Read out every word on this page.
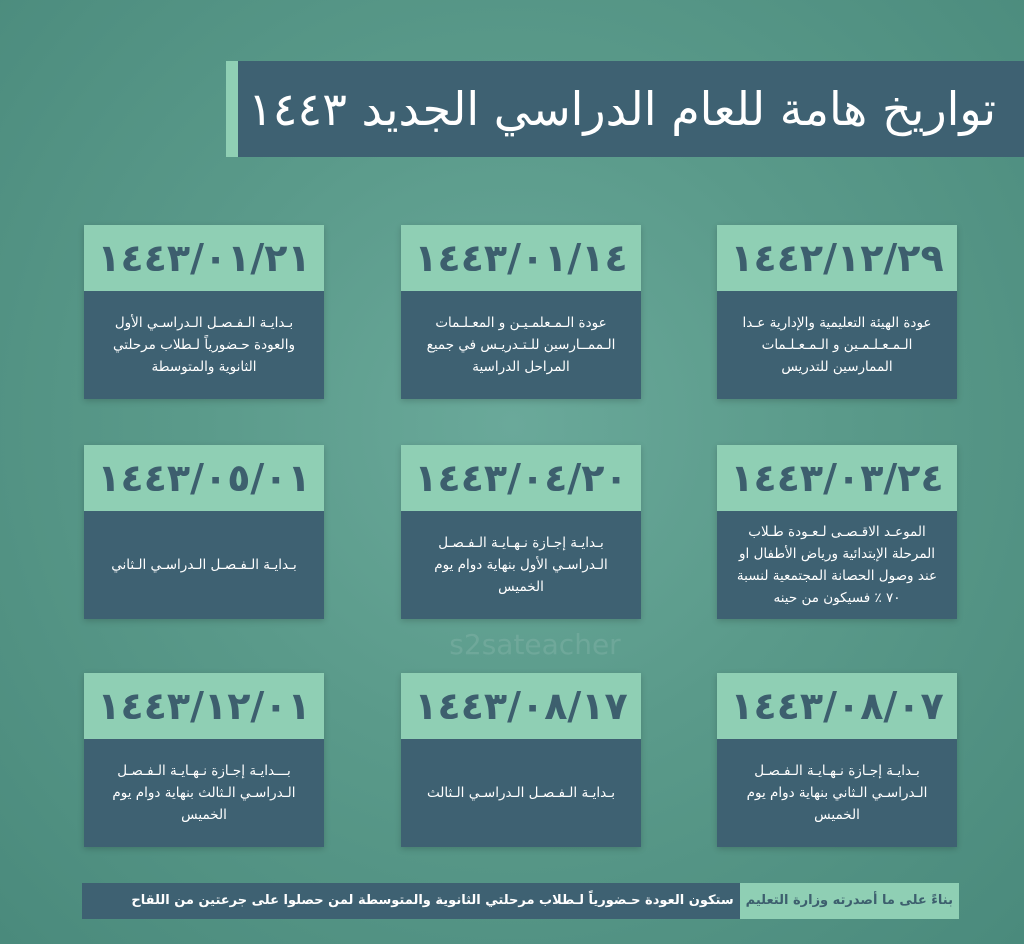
تواريخ هامة للعام الدراسي الجديد ١٤٤٣
١٤٤٢/١٢/٢٩
عودة الهيئة التعليمية والإدارية عـدا الـمـعـلـمـين و الـمـعـلـمات الممارسين للتدريس
١٤٤٣/٠١/١٤
عودة الـمـعلمـيـن و المعـلـمات الـممــارسين للـتـدريـس في جميع المراحل الدراسية
١٤٤٣/٠١/٢١
بـدايـة الـفـصـل الـدراسـي الأول والعودة حـضورياً لـطلاب مرحلتي الثانوية والمتوسطة
١٤٤٣/٠٣/٢٤
الموعـد الاقـصـى لـعـودة طـلاب المرحلة الإبتدائية ورياض الأطفال او عند وصول الحصانة المجتمعية لنسبة ٧٠ ٪ فسيكون من حينه
١٤٤٣/٠٤/٢٠
بـدايـة إجـازة نـهـايـة الـفـصـل الـدراسـي الأول بنهاية دوام يوم الخميس
١٤٤٣/٠٥/٠١
بـدايـة الـفـصـل الـدراسـي الـثاني
s2sateacher
١٤٤٣/٠٨/٠٧
بـدايـة إجـازة نـهـايـة الـفـصـل الـدراسـي الـثاني بنهاية دوام يوم الخميس
١٤٤٣/٠٨/١٧
بـدايـة الـفـصـل الـدراسـي الـثالث
١٤٤٣/١٢/٠١
بـــدايـة إجـازة نـهـايـة الـفـصـل الـدراسـي الـثالث بنهاية دوام يوم الخميس
بناءً على ما أصدرته وزارة التعليم
ستكون العودة حـضورياً لـطلاب مرحلتي الثانوية والمتوسطة لمن حصلوا على جرعتين من اللقاح
